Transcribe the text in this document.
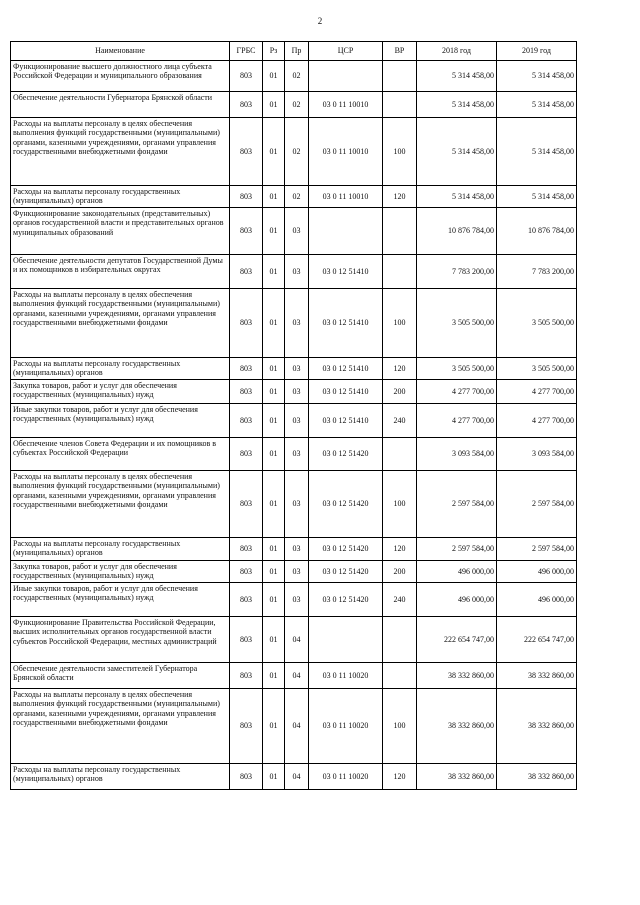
2
Наименование	ГРБС	Рз	Пр	ЦСР	ВР	2018 год	2019 год
Функционирование высшего должностного лица субъекта Российской Федерации и муниципального образования	803	01	02			5 314 458,00	5 314 458,00
Обеспечение деятельности Губернатора Брянской области	803	01	02	03 0 11 10010		5 314 458,00	5 314 458,00
Расходы на выплаты персоналу в целях обеспечения выполнения функций государственными (муниципальными) органами, казенными учреждениями, органами управления государственными внебюджетными фондами	803	01	02	03 0 11 10010	100	5 314 458,00	5 314 458,00
Расходы на выплаты персоналу государственных (муниципальных) органов	803	01	02	03 0 11 10010	120	5 314 458,00	5 314 458,00
Функционирование законодательных (представительных) органов государственной власти и представительных органов муниципальных образований	803	01	03			10 876 784,00	10 876 784,00
Обеспечение деятельности депутатов Государственной Думы и их помощников в избирательных округах	803	01	03	03 0 12 51410		7 783 200,00	7 783 200,00
Расходы на выплаты персоналу в целях обеспечения выполнения функций государственными (муниципальными) органами, казенными учреждениями, органами управления государственными внебюджетными фондами	803	01	03	03 0 12 51410	100	3 505 500,00	3 505 500,00
Расходы на выплаты персоналу государственных (муниципальных) органов	803	01	03	03 0 12 51410	120	3 505 500,00	3 505 500,00
Закупка товаров, работ и услуг для обеспечения государственных (муниципальных) нужд	803	01	03	03 0 12 51410	200	4 277 700,00	4 277 700,00
Иные закупки товаров, работ и услуг для обеспечения государственных (муниципальных) нужд	803	01	03	03 0 12 51410	240	4 277 700,00	4 277 700,00
Обеспечение членов Совета Федерации и их помощников в субъектах Российской Федерации	803	01	03	03 0 12 51420		3 093 584,00	3 093 584,00
Расходы на выплаты персоналу в целях обеспечения выполнения функций государственными (муниципальными) органами, казенными учреждениями, органами управления государственными внебюджетными фондами	803	01	03	03 0 12 51420	100	2 597 584,00	2 597 584,00
Расходы на выплаты персоналу государственных (муниципальных) органов	803	01	03	03 0 12 51420	120	2 597 584,00	2 597 584,00
Закупка товаров, работ и услуг для обеспечения государственных (муниципальных) нужд	803	01	03	03 0 12 51420	200	496 000,00	496 000,00
Иные закупки товаров, работ и услуг для обеспечения государственных (муниципальных) нужд	803	01	03	03 0 12 51420	240	496 000,00	496 000,00
Функционирование Правительства Российской Федерации, высших исполнительных органов государственной власти субъектов Российской Федерации, местных администраций	803	01	04			222 654 747,00	222 654 747,00
Обеспечение деятельности заместителей Губернатора Брянской области	803	01	04	03 0 11 10020		38 332 860,00	38 332 860,00
Расходы на выплаты персоналу в целях обеспечения выполнения функций государственными (муниципальными) органами, казенными учреждениями, органами управления государственными внебюджетными фондами	803	01	04	03 0 11 10020	100	38 332 860,00	38 332 860,00
Расходы на выплаты персоналу государственных (муниципальных) органов	803	01	04	03 0 11 10020	120	38 332 860,00	38 332 860,00
